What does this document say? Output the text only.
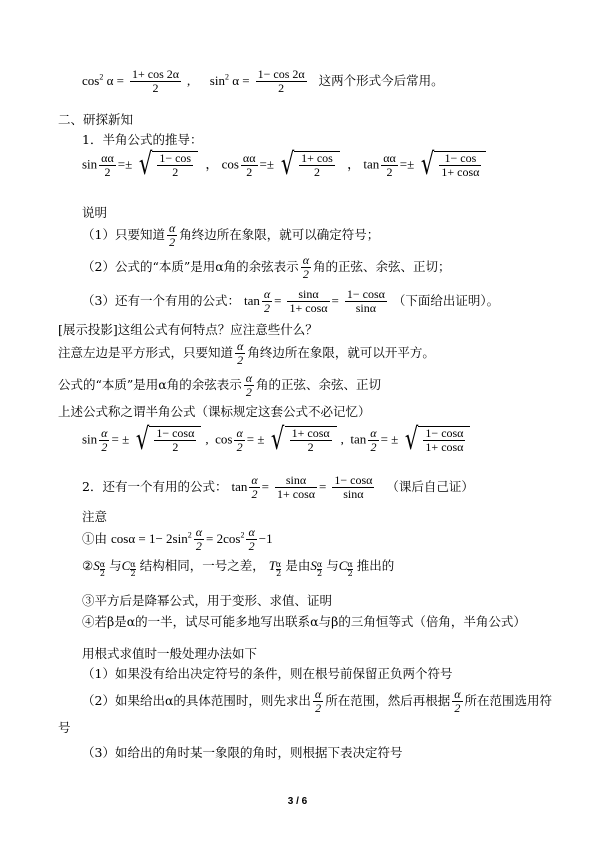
$\cos^2 \alpha = \frac{1+ \cos 2\alpha}{2}$ ,      $\sin^2 \alpha = \frac{1- \cos 2\alpha}{2}$ 这两个形式今后常用。
二、研探新知
1．半角公式的推导：
$\sin \frac{\alpha\alpha}{2}$ =± √ $\frac{1- \cos}{2}$ ， $\cos \frac{\alpha\alpha}{2}$ =± √ $\frac{1+ \cos}{2}$ ， $\tan \frac{\alpha\alpha}{2}$ =± √ $\frac{1- \cos}{1+ \cos\alpha}$
说明
（1）只要知道 $\frac{\alpha}{2}$ 角终边所在象限，就可以确定符号；
（2）公式的“本质”是用α角的余弦表示 $\frac{\alpha}{2}$ 角的正弦、余弦、正切；
（3）还有一个有用的公式： $\tan \frac{\alpha}{2} = \frac{\sin\alpha}{1+ \cos\alpha} = \frac{1- \cos\alpha}{\sin\alpha}$ （下面给出证明）。
[展示投影]这组公式有何特点？应注意些什么？
注意左边是平方形式，只要知道 $\frac{\alpha}{2}$ 角终边所在象限，就可以开平方。
公式的“本质”是用α角的余弦表示 $\frac{\alpha}{2}$ 角的正弦、余弦、正切
上述公式称之谓半角公式（课标规定这套公式不必记忆）
$\sin \frac{\alpha}{2}$ = ± √ $\frac{1- \cos\alpha}{2}$ ,  $\cos \frac{\alpha}{2}$ = ± √ $\frac{1+ \cos\alpha}{2}$ ,  $\tan \frac{\alpha}{2}$ = ± √ $\frac{1- \cos\alpha}{1+ \cos\alpha}$
2．还有一个有用的公式： $\tan \frac{\alpha}{2} = \frac{\sin\alpha}{1+ \cos\alpha} = \frac{1- \cos\alpha}{\sin\alpha}$ （课后自己证）
注意
①由 $\cos\alpha = 1- 2\sin^2 \frac{\alpha}{2} = 2\cos^2 \frac{\alpha}{2} -1$
②S $\frac{\alpha}{2}$ 与C $\frac{\alpha}{2}$ 结构相同，一号之差， T $\frac{\alpha}{2}$ 是由S $\frac{\alpha}{2}$ 与C $\frac{\alpha}{2}$ 推出的
③平方后是降幂公式，用于变形、求值、证明
④若β是α的一半，试尽可能多地写出联系α与β的三角恒等式（倍角，半角公式）
用根式求值时一般处理办法如下
（1）如果没有给出决定符号的条件，则在根号前保留正负两个符号
（2）如果给出α的具体范围时，则先求出 $\frac{\alpha}{2}$ 所在范围，然后再根据 $\frac{\alpha}{2}$ 所在范围选用符
号
（3）如给出的角时某一象限的角时，则根据下表决定符号
3 / 6
